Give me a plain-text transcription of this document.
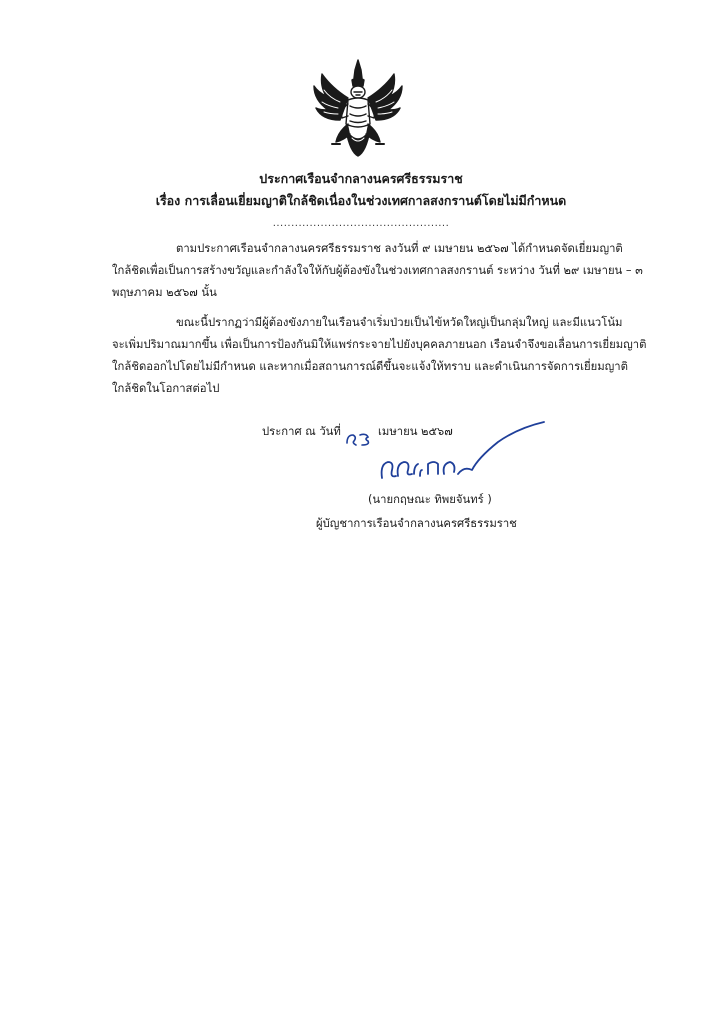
ประกาศเรือนจำกลางนครศรีธรรมราช
เรื่อง การเลื่อนเยี่ยมญาติใกล้ชิดเนื่องในช่วงเทศกาลสงกรานต์โดยไม่มีกำหนด
................................................
ตามประกาศเรือนจำกลางนครศรีธรรมราช ลงวันที่ ๙ เมษายน ๒๕๖๗ ได้กำหนดจัดเยี่ยมญาติ
ใกล้ชิดเพื่อเป็นการสร้างขวัญและกำลังใจให้กับผู้ต้องขังในช่วงเทศกาลสงกรานต์ ระหว่าง วันที่ ๒๙ เมษายน – ๓
พฤษภาคม ๒๕๖๗ นั้น
ขณะนี้ปรากฏว่ามีผู้ต้องขังภายในเรือนจำเริ่มป่วยเป็นไข้หวัดใหญ่เป็นกลุ่มใหญ่ และมีแนวโน้ม
จะเพิ่มปริมาณมากขึ้น เพื่อเป็นการป้องกันมิให้แพร่กระจายไปยังบุคคลภายนอก เรือนจำจึงขอเลื่อนการเยี่ยมญาติ
ใกล้ชิดออกไปโดยไม่มีกำหนด และหากเมื่อสถานการณ์ดีขึ้นจะแจ้งให้ทราบ และดำเนินการจัดการเยี่ยมญาติ
ใกล้ชิดในโอกาสต่อไป
ประกาศ ณ วันที่	เมษายน ๒๕๖๗
(นายกฤษณะ ทิพยจันทร์ )
ผู้บัญชาการเรือนจำกลางนครศรีธรรมราช
